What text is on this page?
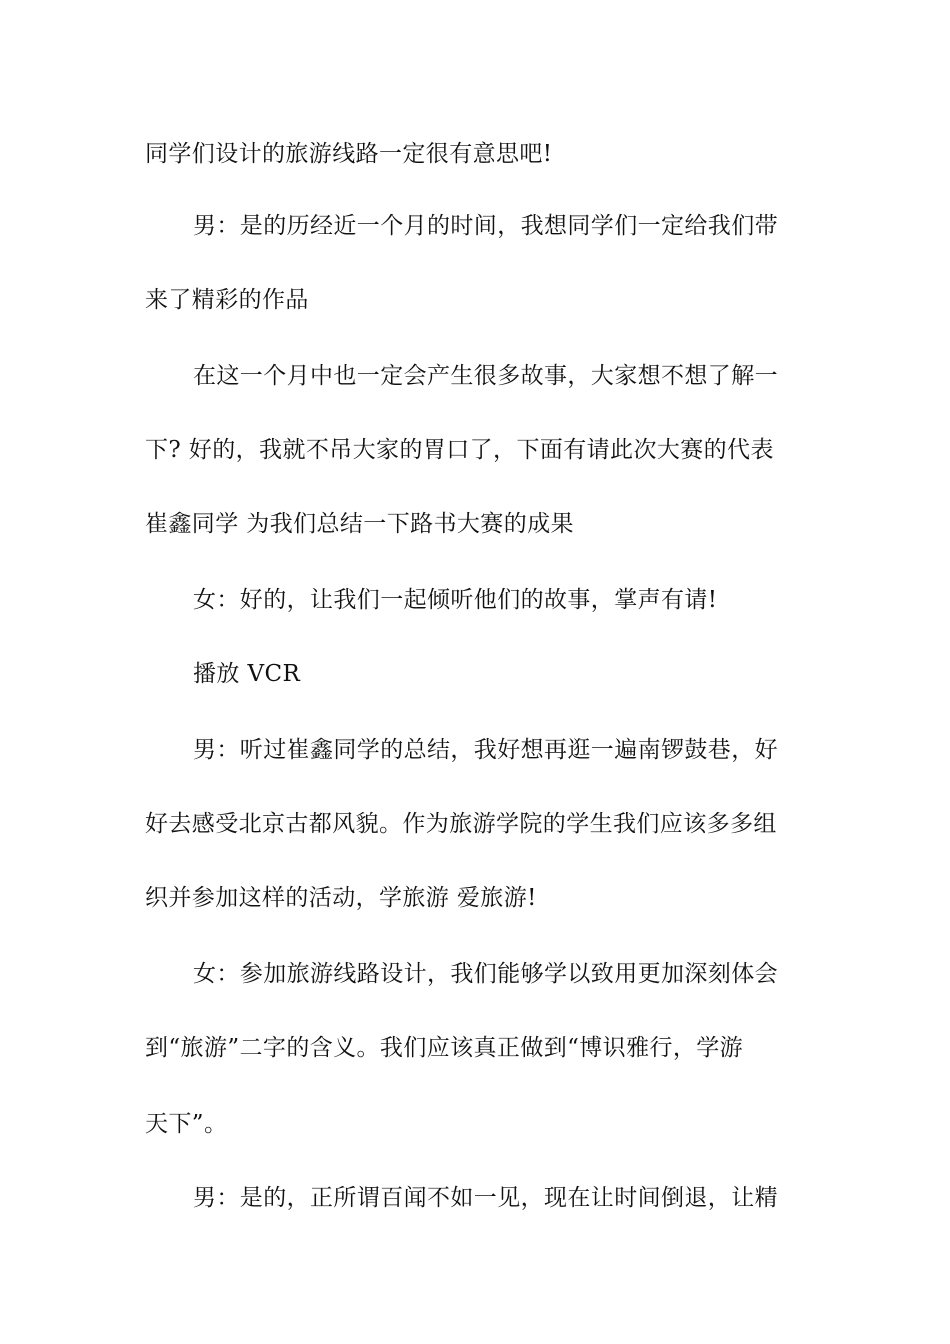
同学们设计的旅游线路一定很有意思吧!
男：是的历经近一个月的时间，我想同学们一定给我们带
来了精彩的作品
在这一个月中也一定会产生很多故事，大家想不想了解一
下? 好的，我就不吊大家的胃口了，下面有请此次大赛的代表
崔鑫同学 为我们总结一下路书大赛的成果
女：好的，让我们一起倾听他们的故事，掌声有请!
播放 VCR
男：听过崔鑫同学的总结，我好想再逛一遍南锣鼓巷，好
好去感受北京古都风貌。作为旅游学院的学生我们应该多多组
织并参加这样的活动，学旅游 爱旅游!
女：参加旅游线路设计，我们能够学以致用更加深刻体会
到“旅游”二字的含义。我们应该真正做到“博识雅行，学游
天下”。
男：是的，正所谓百闻不如一见，现在让时间倒退，让精
